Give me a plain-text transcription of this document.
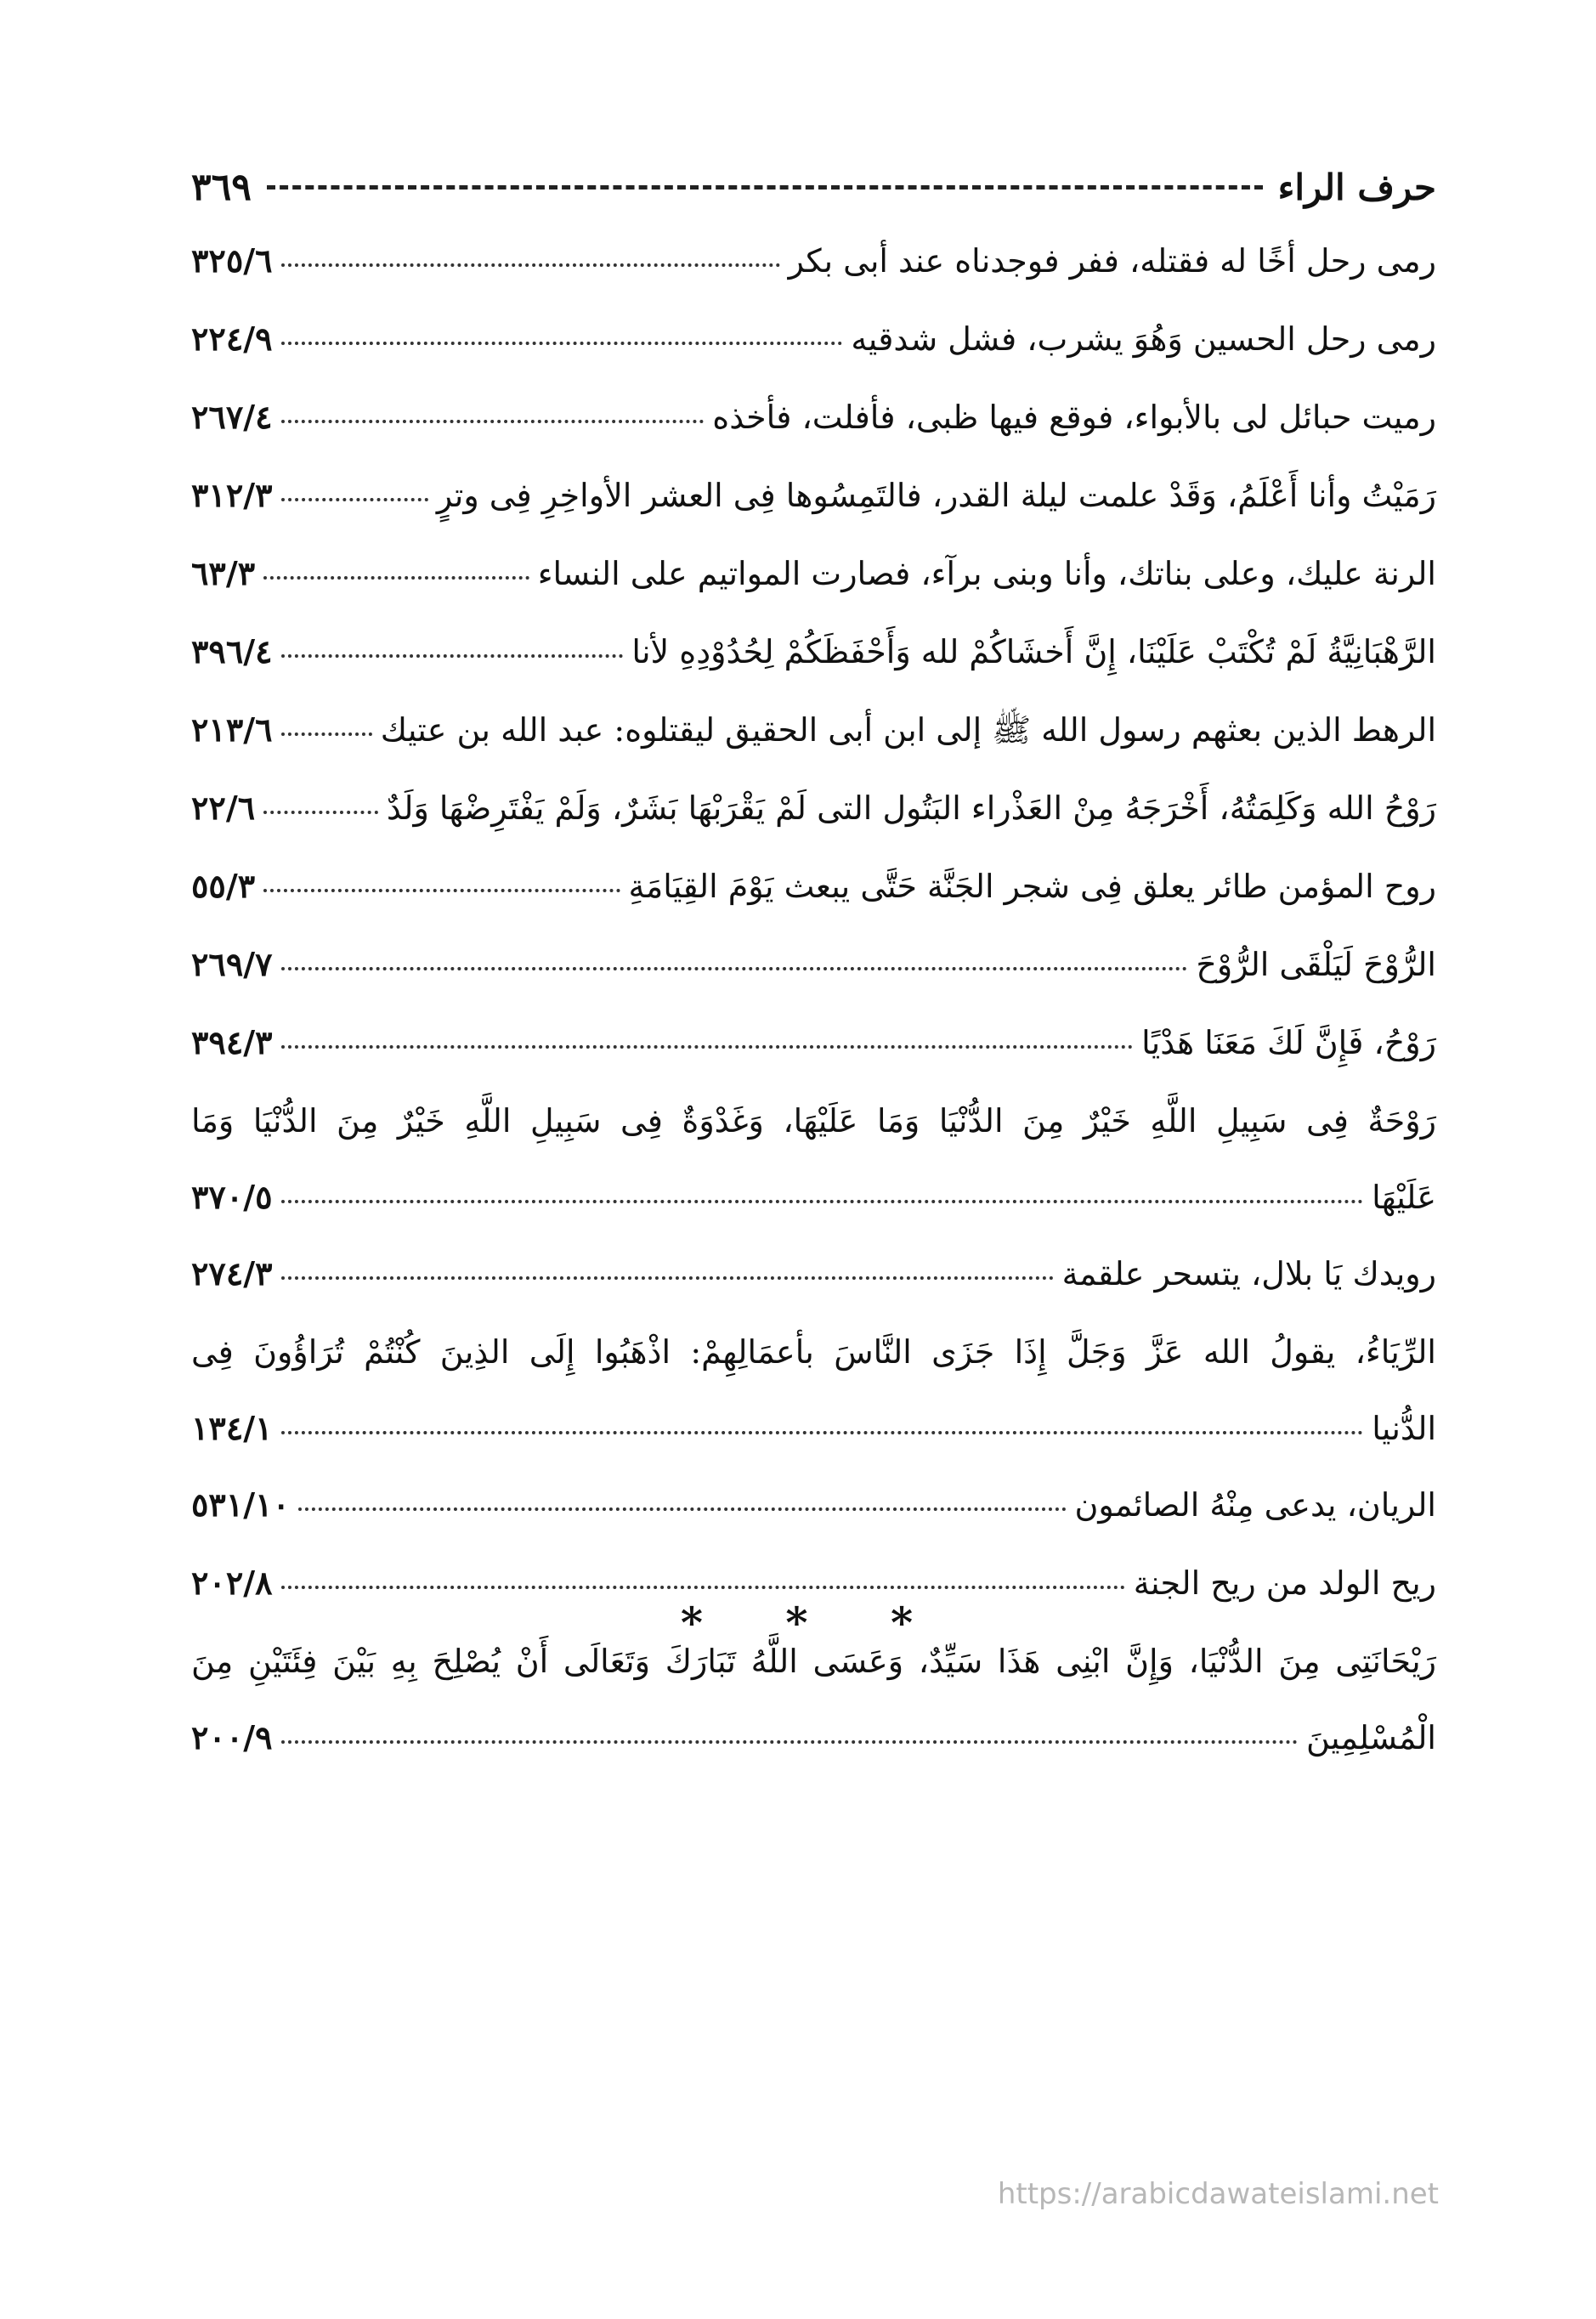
حرف الراء
٣٦٩
رمى رحل أخًا له فقتله، ففر فوجدناه عند أبى بكر
٣٢٥/٦
رمى رحل الحسين وَهُوَ يشرب، فشل شدقيه
٢٢٤/٩
رميت حبائل لى بالأبواء، فوقع فيها ظبى، فأفلت، فأخذه
٢٦٧/٤
رَمَيْتُ وأنا أَعْلَمُ، وَقَدْ علمت ليلة القدر، فالتَمِسُوها فِى العشر الأواخِرِ فِى وترٍ
٣١٢/٣
الرنة عليك، وعلى بناتك، وأنا وبنى برآء، فصارت المواتيم على النساء
٦٣/٣
الرَّهْبَانِيَّةُ لَمْ تُكْتَبْ عَلَيْنَا، إِنَّ أَخشَاكُمْ لله وَأَحْفَظَكُمْ لِحُدُوْدِهِ لأنا
٣٩٦/٤
الرهط الذين بعثهم رسول الله ﷺ إلى ابن أبى الحقيق ليقتلوه: عبد الله بن عتيك
٢١٣/٦
رَوْحُ الله وَكَلِمَتُهُ، أَخْرَجَهُ مِنْ العَذْراء البَتُول التى لَمْ يَقْرَبْهَا بَشَرٌ، وَلَمْ يَفْتَرِضْهَا وَلَدٌ
٢٢/٦
روح المؤمن طائر يعلق فِى شجر الجَنَّة حَتَّى يبعث يَوْمَ القِيَامَةِ
٥٥/٣
الرُّوْحَ لَيَلْقَى الرُّوْحَ
٢٦٩/٧
رَوْحُ، فَإِنَّ لَكَ مَعَنَا هَدْيًا
٣٩٤/٣
رَوْحَةٌ فِى سَبِيلِ اللَّهِ خَيْرٌ مِنَ الدُّنْيَا وَمَا عَلَيْهَا، وَغَدْوَةٌ فِى سَبِيلِ اللَّهِ خَيْرٌ مِنَ الدُّنْيَا وَمَا
عَلَيْهَا
٣٧٠/٥
رويدك يَا بلال، يتسحر علقمة
٢٧٤/٣
الرِّيَاءُ، يقولُ الله عَزَّ وَجَلَّ إِذَا جَزَى النَّاسَ بأعمَالِهِمْ: اذْهَبُوا إِلَى الذِينَ كُنْتُمْ تُرَاؤُونَ فِى
الدُّنيا
١٣٤/١
الريان، يدعى مِنْهُ الصائمون
٥٣١/١٠
ريح الولد من ريح الجنة
٢٠٢/٨
رَيْحَانَتِى مِنَ الدُّنْيَا، وَإِنَّ ابْنِى هَذَا سَيِّدٌ، وَعَسَى اللَّهُ تَبَارَكَ وَتَعَالَى أَنْ يُصْلِحَ بِهِ بَيْنَ فِئَتَيْنِ مِنَ
الْمُسْلِمِينَ
٢٠٠/٩
* * *
https://arabicdawateislami.net
